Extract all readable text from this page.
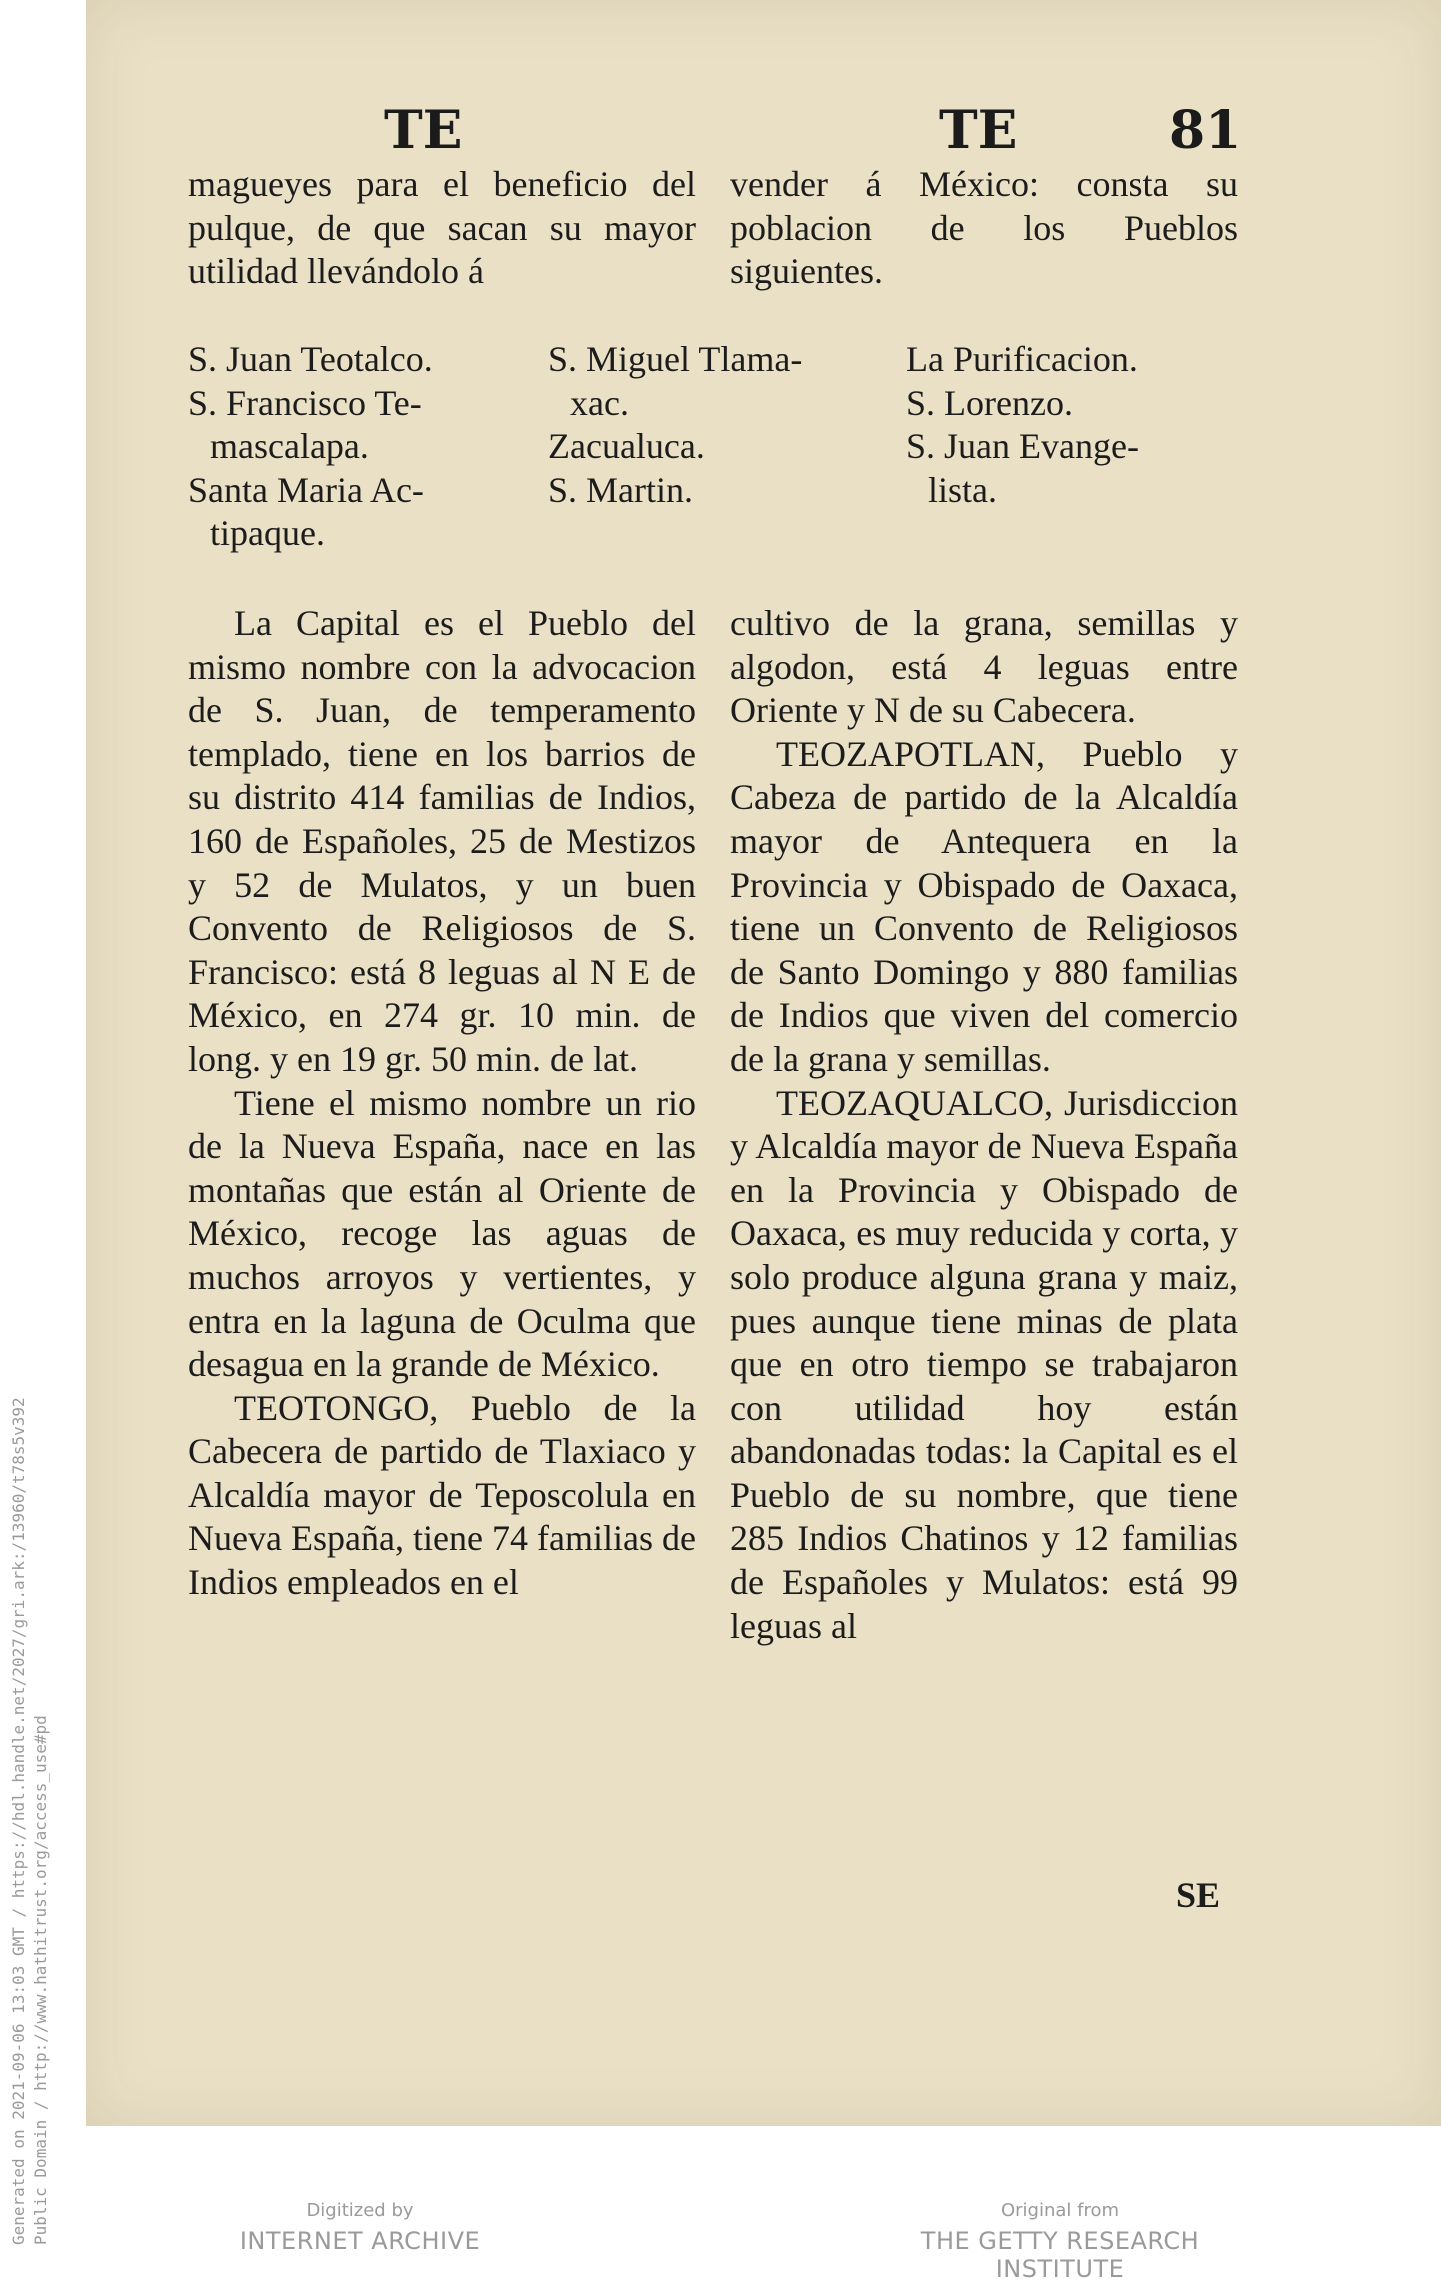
Generated on 2021-09-06 13:03 GMT / https://hdl.handle.net/2027/gri.ark:/13960/t78s5v392 Public Domain / http://www.hathitrust.org/access_use#pd
TE	TE	81

magueyes para el beneficio del pulque, de que sacan su mayor utilidad llevándolo á

vender á México: consta su poblacion de los Pueblos siguientes.

S. Juan Teotalco.
S. Francisco Te-
mascalapa.
Santa Maria Ac-
tipaque.
S. Miguel Tlama-
xac.
Zacualuca.
S. Martin.
La Purificacion.
S. Lorenzo.
S. Juan Evange-
lista.

La Capital es el Pueblo del mismo nombre con la advocacion de S. Juan, de temperamento templado, tiene en los barrios de su distrito 414 familias de Indios, 160 de Españoles, 25 de Mestizos y 52 de Mulatos, y un buen Convento de Religiosos de S. Francisco: está 8 leguas al N E de México, en 274 gr. 10 min. de long. y en 19 gr. 50 min. de lat.

Tiene el mismo nombre un rio de la Nueva España, nace en las montañas que están al Oriente de México, recoge las aguas de muchos arroyos y vertientes, y entra en la laguna de Oculma que desagua en la grande de México.

TEOTONGO, Pueblo de la Cabecera de partido de Tlaxiaco y Alcaldía mayor de Teposcolula en Nueva España, tiene 74 familias de Indios empleados en el

cultivo de la grana, semillas y algodon, está 4 leguas entre Oriente y N de su Cabecera.

TEOZAPOTLAN, Pueblo y Cabeza de partido de la Alcaldía mayor de Antequera en la Provincia y Obispado de Oaxaca, tiene un Convento de Religiosos de Santo Domingo y 880 familias de Indios que viven del comercio de la grana y semillas.

TEOZAQUALCO, Jurisdiccion y Alcaldía mayor de Nueva España en la Provincia y Obispado de Oaxaca, es muy reducida y corta, y solo produce alguna grana y maiz, pues aunque tiene minas de plata que en otro tiempo se trabajaron con utilidad hoy están abandonadas todas: la Capital es el Pueblo de su nombre, que tiene 285 Indios Chatinos y 12 familias de Españoles y Mulatos: está 99 leguas al

SE
Digitized by
INTERNET ARCHIVE
Original from
THE GETTY RESEARCH INSTITUTE
